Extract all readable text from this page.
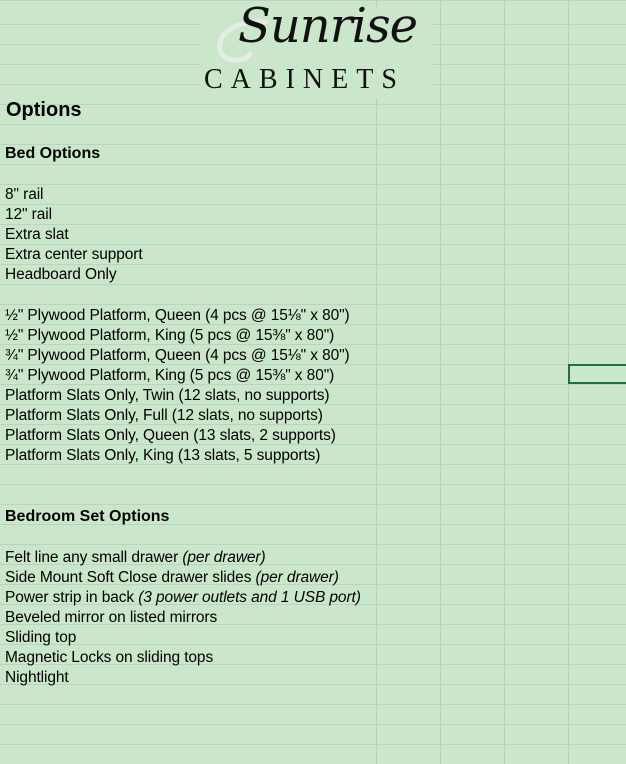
Sunrise
CABINETS
Options
Bed Options
8" rail
12" rail
Extra slat
Extra center support
Headboard Only
½" Plywood Platform, Queen (4 pcs @ 15⅛" x 80")
½" Plywood Platform, King (5 pcs @ 15⅜" x 80")
¾" Plywood Platform, Queen (4 pcs @ 15⅛" x 80")
¾" Plywood Platform, King (5 pcs @ 15⅜" x 80")
Platform Slats Only, Twin (12 slats, no supports)
Platform Slats Only, Full (12 slats, no supports)
Platform Slats Only, Queen (13 slats, 2 supports)
Platform Slats Only, King (13 slats, 5 supports)
Bedroom Set Options
Felt line any small drawer (per drawer)
Side Mount Soft Close drawer slides (per drawer)
Power strip in back (3 power outlets and 1 USB port)
Beveled mirror on listed mirrors
Sliding top
Magnetic Locks on sliding tops
Nightlight
